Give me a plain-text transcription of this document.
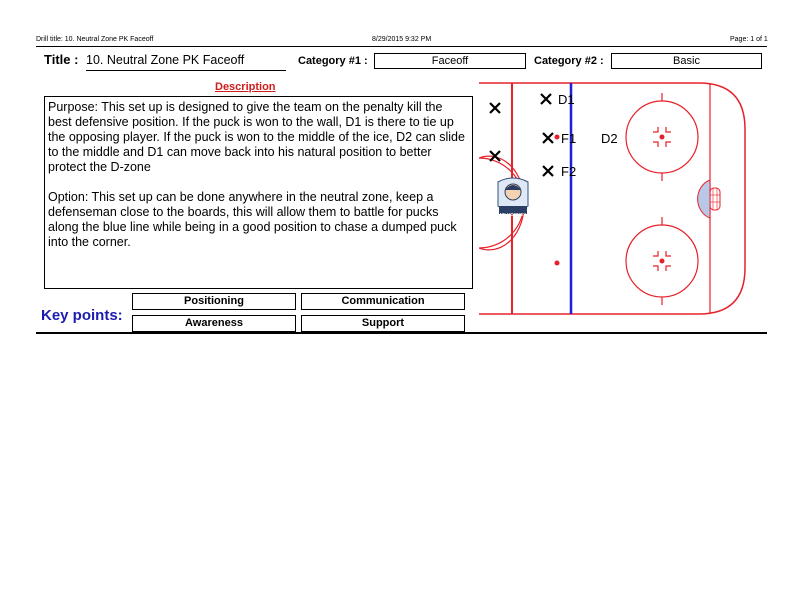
Drill title: 10. Neutral Zone PK Faceoff	8/29/2015 9:32 PM	Page: 1 of 1
Title : 10. Neutral Zone PK Faceoff	Category #1 :	Faceoff	Category #2 :	Basic
Description

Purpose: This set up is designed to give the team on the penalty kill the best defensive position. If the puck is won to the wall, D1 is there to tie up the opposing player. If the puck is won to the middle of the ice, D2 can slide to the middle and D1 can move back into his natural position to better protect the D-zone

Option: This set up can be done anywhere in the neutral zone, keep a defenseman close to the boards, this will allow them to battle for pucks along the blue line while being in a good position to chase a dumped puck into the corner.

Key points:
Positioning	Communication
Awareness	Support
NF HOCKEY
D1
F1 D2
F2
